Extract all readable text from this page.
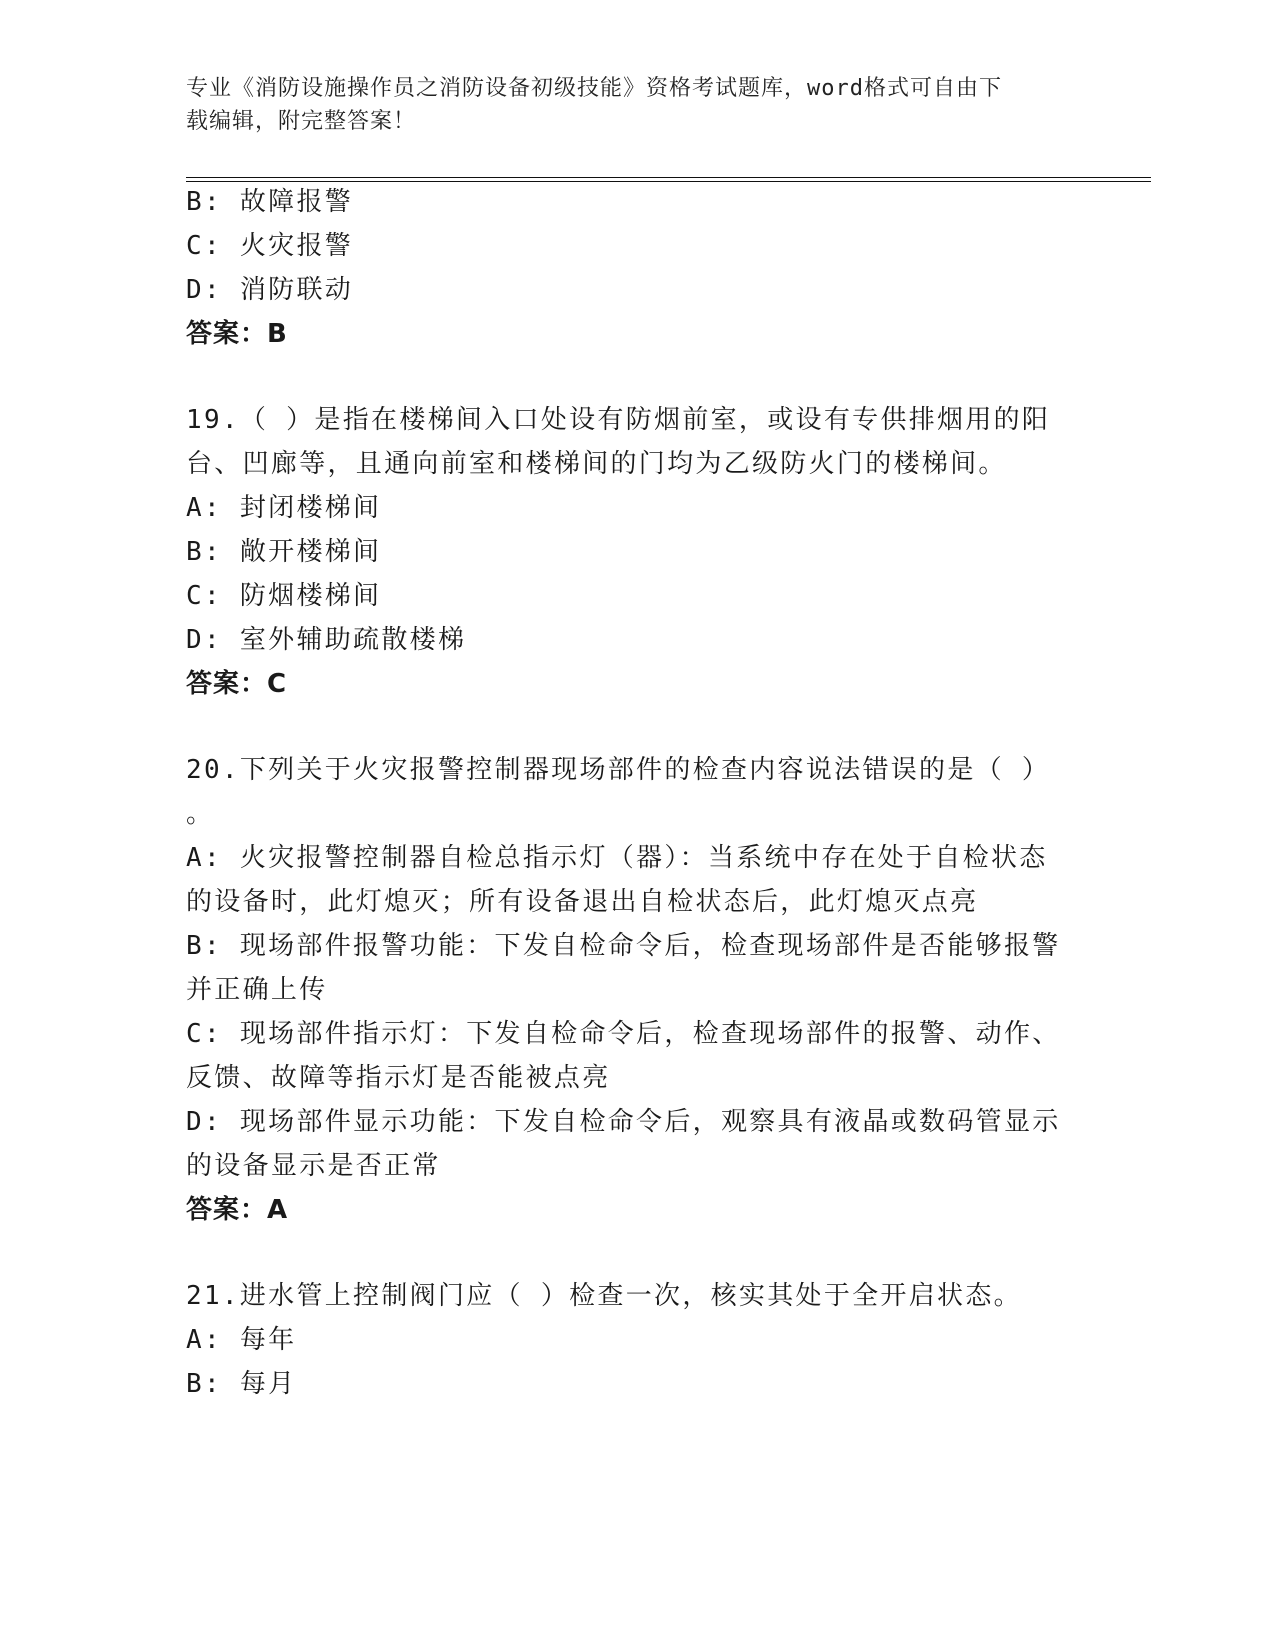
专业《消防设施操作员之消防设备初级技能》资格考试题库，word格式可自由下
载编辑，附完整答案！
B: 故障报警
C: 火灾报警
D: 消防联动
答案：B
19.（ ）是指在楼梯间入口处设有防烟前室，或设有专供排烟用的阳
台、凹廊等，且通向前室和楼梯间的门均为乙级防火门的楼梯间。
A: 封闭楼梯间
B: 敞开楼梯间
C: 防烟楼梯间
D: 室外辅助疏散楼梯
答案：C
20.下列关于火灾报警控制器现场部件的检查内容说法错误的是（ ）
。
A: 火灾报警控制器自检总指示灯（器）：当系统中存在处于自检状态
的设备时，此灯熄灭；所有设备退出自检状态后，此灯熄灭点亮
B: 现场部件报警功能：下发自检命令后，检查现场部件是否能够报警
并正确上传
C: 现场部件指示灯：下发自检命令后，检查现场部件的报警、动作、
反馈、故障等指示灯是否能被点亮
D: 现场部件显示功能：下发自检命令后，观察具有液晶或数码管显示
的设备显示是否正常
答案：A
21.进水管上控制阀门应（ ）检查一次，核实其处于全开启状态。
A: 每年
B: 每月
